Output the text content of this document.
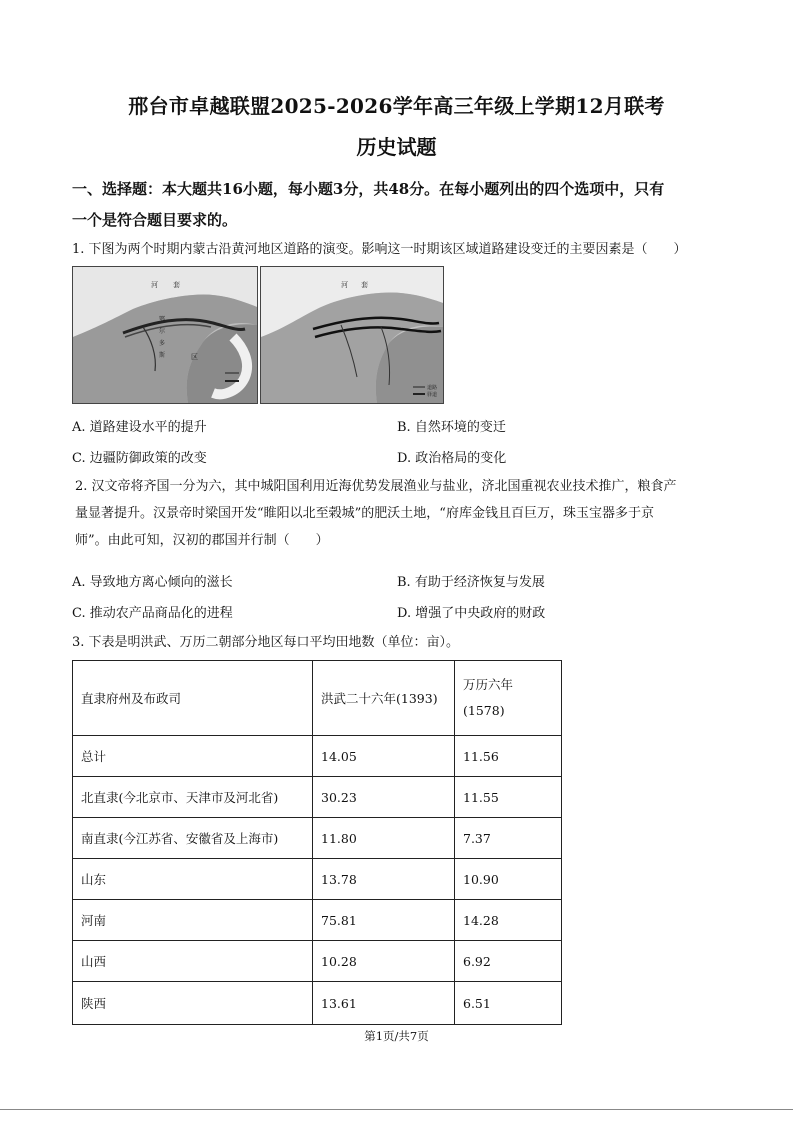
邢台市卓越联盟2025-2026学年高三年级上学期12月联考
历史试题
一、选择题：本大题共16小题，每小题3分，共48分。在每小题列出的四个选项中，只有
一个是符合题目要求的。
1. 下图为两个时期内蒙古沿黄河地区道路的演变。影响这一时期该区域道路建设变迁的主要因素是（　　）
河 套
鄂
尔
多
斯	区
河 套
道路
驿道
A. 道路建设水平的提升	B. 自然环境的变迁
C. 边疆防御政策的改变	D. 政治格局的变化
2. 汉文帝将齐国一分为六，其中城阳国利用近海优势发展渔业与盐业，济北国重视农业技术推广，粮食产
量显著提升。汉景帝时梁国开发“睢阳以北至榖城”的肥沃土地，“府库金钱且百巨万，珠玉宝器多于京
师”。由此可知，汉初的郡国并行制（　　）
A. 导致地方离心倾向的滋长	B. 有助于经济恢复与发展
C. 推动农产品商品化的进程	D. 增强了中央政府的财政
3. 下表是明洪武、万历二朝部分地区每口平均田地数（单位：亩）。
直隶府州及布政司	洪武二十六年(1393)	万历六年
(1578)

总计	14.05	11.56
北直隶(今北京市、天津市及河北省)	30.23	11.55
南直隶(今江苏省、安徽省及上海市)	11.80	7.37
山东	13.78	10.90
河南	75.81	14.28
山西	10.28	6.92
陕西	13.61	6.51
第1页/共7页
